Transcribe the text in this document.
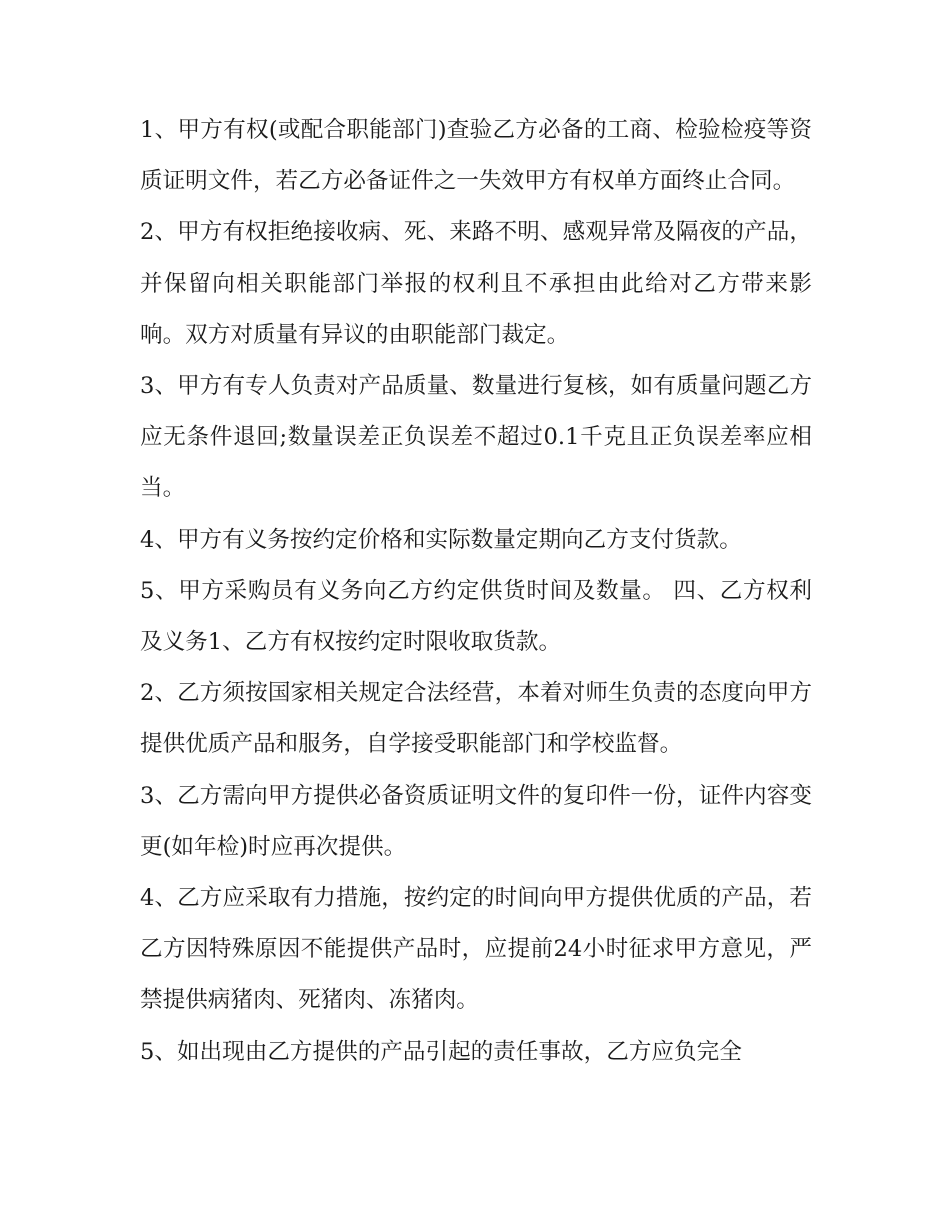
1、甲方有权(或配合职能部门)查验乙方必备的工商、检验检疫等资质证明文件，若乙方必备证件之一失效甲方有权单方面终止合同。

2、甲方有权拒绝接收病、死、来路不明、感观异常及隔夜的产品，并保留向相关职能部门举报的权利且不承担由此给对乙方带来影响。双方对质量有异议的由职能部门裁定。

3、甲方有专人负责对产品质量、数量进行复核，如有质量问题乙方应无条件退回;数量误差正负误差不超过0.1千克且正负误差率应相当。

4、甲方有义务按约定价格和实际数量定期向乙方支付货款。

5、甲方采购员有义务向乙方约定供货时间及数量。 四、乙方权利及义务1、乙方有权按约定时限收取货款。

2、乙方须按国家相关规定合法经营，本着对师生负责的态度向甲方提供优质产品和服务，自学接受职能部门和学校监督。

3、乙方需向甲方提供必备资质证明文件的复印件一份，证件内容变更(如年检)时应再次提供。

4、乙方应采取有力措施，按约定的时间向甲方提供优质的产品，若乙方因特殊原因不能提供产品时，应提前24小时征求甲方意见，严禁提供病猪肉、死猪肉、冻猪肉。

5、如出现由乙方提供的产品引起的责任事故，乙方应负完全
